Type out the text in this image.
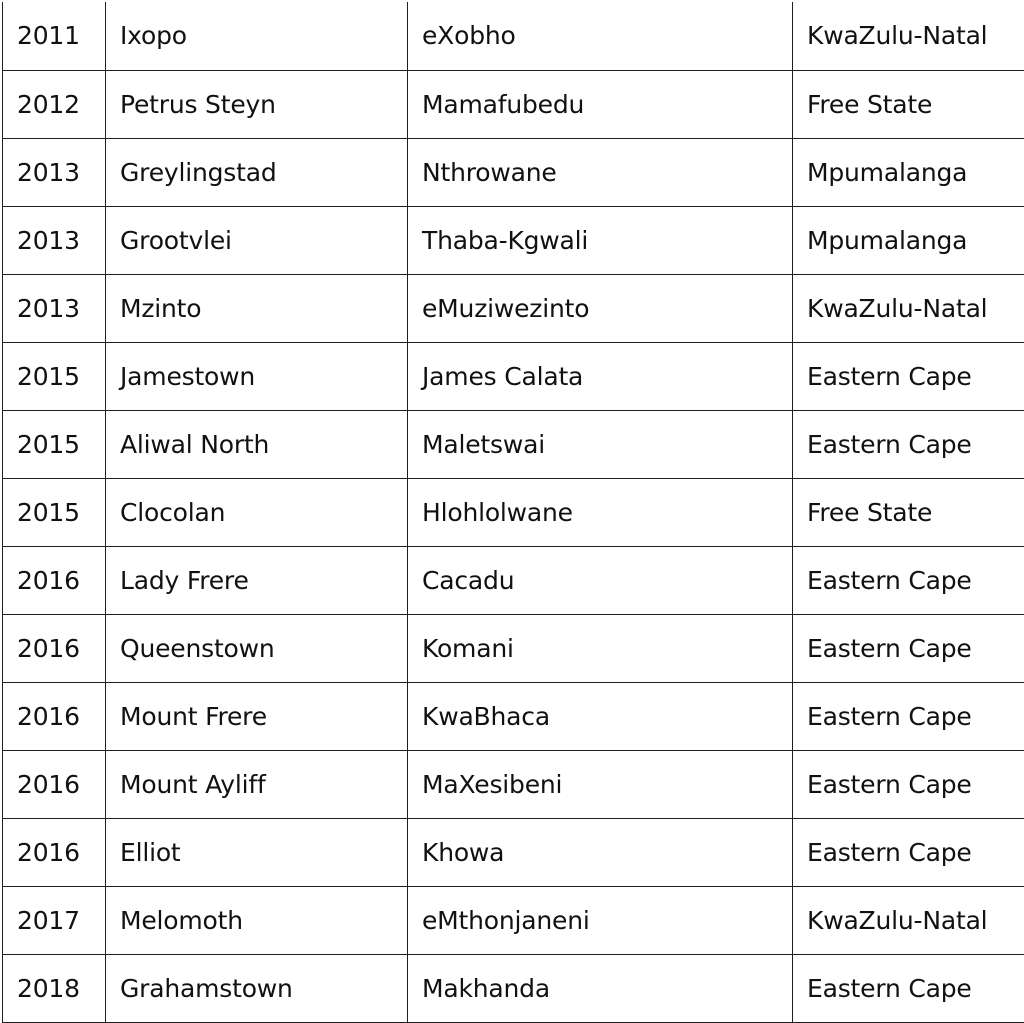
2011	Ixopo	eXobho	KwaZulu-Natal
2012	Petrus Steyn	Mamafubedu	Free State
2013	Greylingstad	Nthrowane	Mpumalanga
2013	Grootvlei	Thaba-Kgwali	Mpumalanga
2013	Mzinto	eMuziwezinto	KwaZulu-Natal
2015	Jamestown	James Calata	Eastern Cape
2015	Aliwal North	Maletswai	Eastern Cape
2015	Clocolan	Hlohlolwane	Free State
2016	Lady Frere	Cacadu	Eastern Cape
2016	Queenstown	Komani	Eastern Cape
2016	Mount Frere	KwaBhaca	Eastern Cape
2016	Mount Ayliff	MaXesibeni	Eastern Cape
2016	Elliot	Khowa	Eastern Cape
2017	Melomoth	eMthonjaneni	KwaZulu-Natal
2018	Grahamstown	Makhanda	Eastern Cape
